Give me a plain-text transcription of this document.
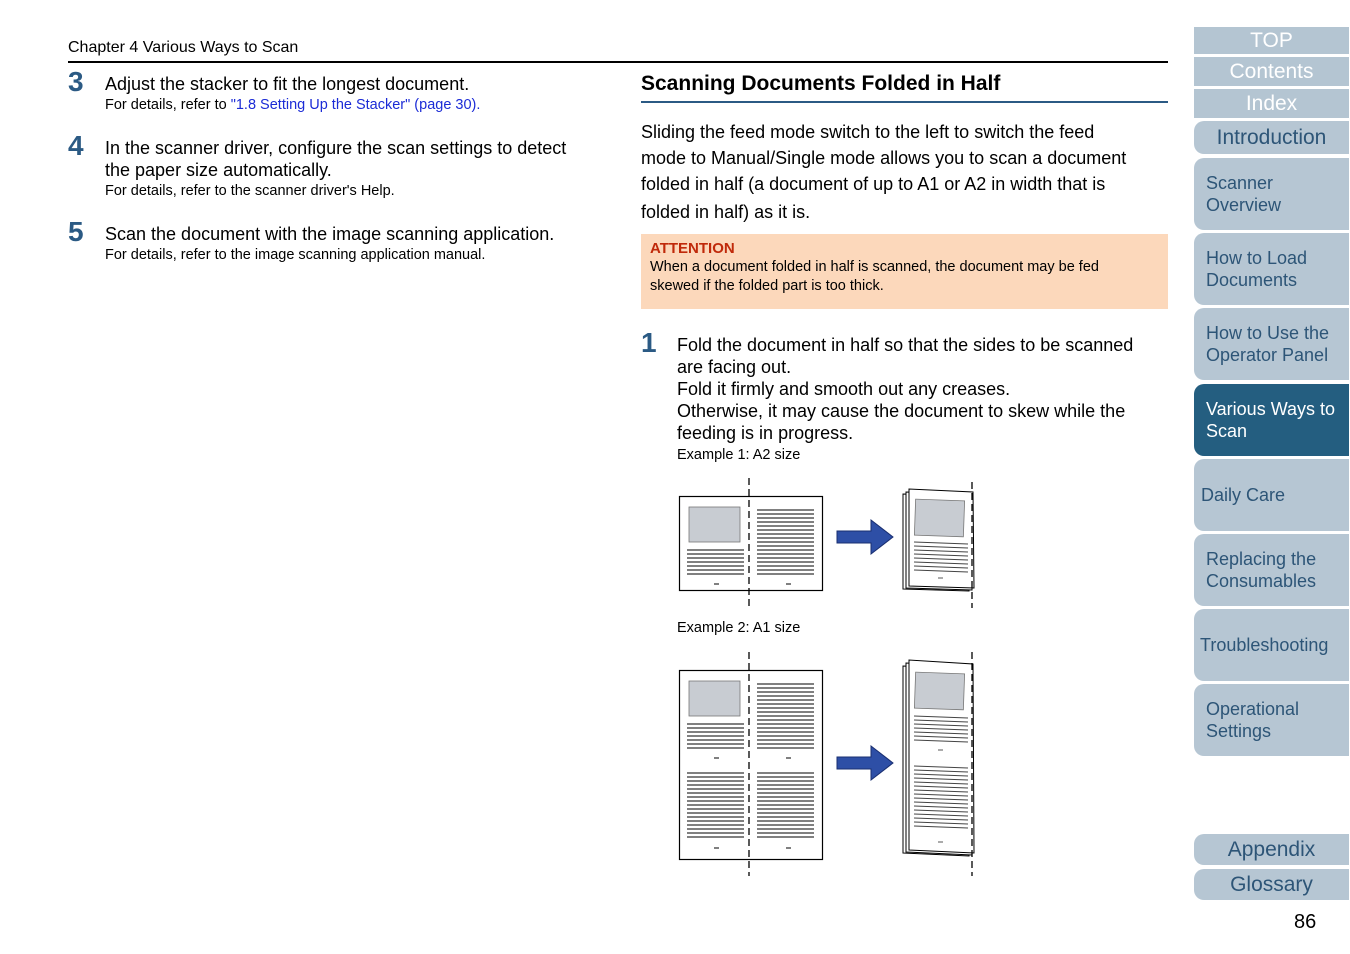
Chapter 4 Various Ways to Scan
3 Adjust the stacker to fit the longest document.
For details, refer to "1.8 Setting Up the Stacker" (page 30).
4 In the scanner driver, configure the scan settings to detect
the paper size automatically.
For details, refer to the scanner driver's Help.
5 Scan the document with the image scanning application.
For details, refer to the image scanning application manual.
Scanning Documents Folded in Half
Sliding the feed mode switch to the left to switch the feed
mode to Manual/Single mode allows you to scan a document
folded in half (a document of up to A1 or A2 in width that is
folded in half) as it is.
ATTENTION
When a document folded in half is scanned, the document may be fed
skewed if the folded part is too thick.
1 Fold the document in half so that the sides to be scanned
are facing out.
Fold it firmly and smooth out any creases.
Otherwise, it may cause the document to skew while the
feeding is in progress.
Example 1: A2 size
Example 2: A1 size
TOP
Contents
Index
Introduction
Scanner
Overview
How to Load
Documents
How to Use the
Operator Panel
Various Ways to
Scan
Daily Care
Replacing the
Consumables
Troubleshooting
Operational
Settings
Appendix
Glossary
86
